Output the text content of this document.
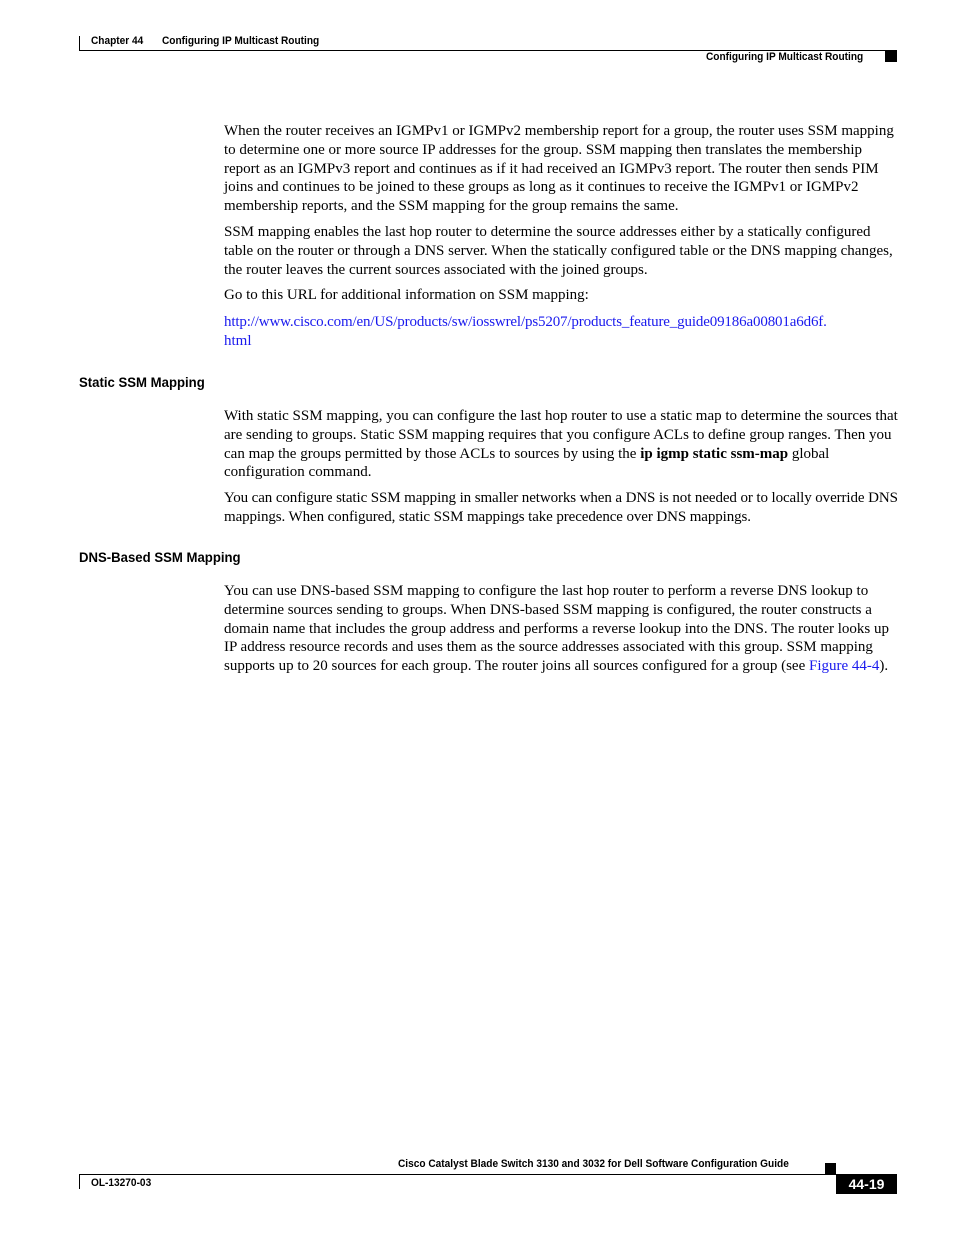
Chapter 44 Configuring IP Multicast Routing
Configuring IP Multicast Routing

When the router receives an IGMPv1 or IGMPv2 membership report for a group, the router uses SSM mapping to determine one or more source IP addresses for the group. SSM mapping then translates the membership report as an IGMPv3 report and continues as if it had received an IGMPv3 report. The router then sends PIM joins and continues to be joined to these groups as long as it continues to receive the IGMPv1 or IGMPv2 membership reports, and the SSM mapping for the group remains the same.

SSM mapping enables the last hop router to determine the source addresses either by a statically configured table on the router or through a DNS server. When the statically configured table or the DNS mapping changes, the router leaves the current sources associated with the joined groups.

Go to this URL for additional information on SSM mapping:

http://www.cisco.com/en/US/products/sw/iosswrel/ps5207/products_feature_guide09186a00801a6d6f.
html

Static SSM Mapping

With static SSM mapping, you can configure the last hop router to use a static map to determine the sources that are sending to groups. Static SSM mapping requires that you configure ACLs to define group ranges. Then you can map the groups permitted by those ACLs to sources by using the ip igmp static ssm-map global configuration command.

You can configure static SSM mapping in smaller networks when a DNS is not needed or to locally override DNS mappings. When configured, static SSM mappings take precedence over DNS mappings.

DNS-Based SSM Mapping

You can use DNS-based SSM mapping to configure the last hop router to perform a reverse DNS lookup to determine sources sending to groups. When DNS-based SSM mapping is configured, the router constructs a domain name that includes the group address and performs a reverse lookup into the DNS. The router looks up IP address resource records and uses them as the source addresses associated with this group. SSM mapping supports up to 20 sources for each group. The router joins all sources configured for a group (see Figure 44-4).

Cisco Catalyst Blade Switch 3130 and 3032 for Dell Software Configuration Guide
OL-13270-03	44-19
